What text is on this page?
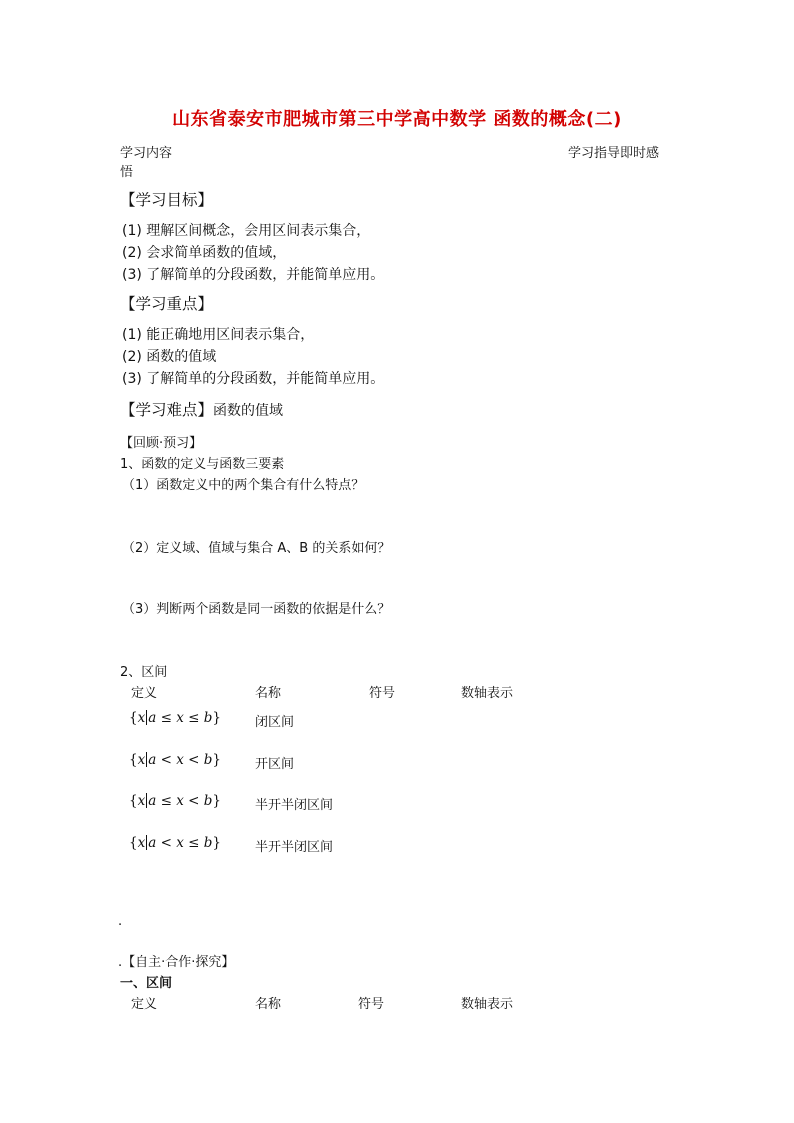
山东省泰安市肥城市第三中学高中数学 函数的概念(二)
学习内容	学习指导即时感
悟
【学习目标】
(1) 理解区间概念，会用区间表示集合，
(2) 会求简单函数的值域，
(3) 了解简单的分段函数，并能简单应用。
【学习重点】
(1) 能正确地用区间表示集合，
(2) 函数的值域
(3) 了解简单的分段函数，并能简单应用。
【学习难点】函数的值域
【回顾·预习】
1、函数的定义与函数三要素
（1）函数定义中的两个集合有什么特点？
（2）定义域、值域与集合 A、B 的关系如何？
（3）判断两个函数是同一函数的依据是什么？
2、区间
定义	名称	符号	数轴表示
{x a ≤ x ≤ b}	闭区间
{x a < x < b}	开区间
{x a ≤ x < b}	半开半闭区间
{x a < x ≤ b}	半开半闭区间
.
.【自主·合作·探究】
一、区间
定义	名称	符号	数轴表示
